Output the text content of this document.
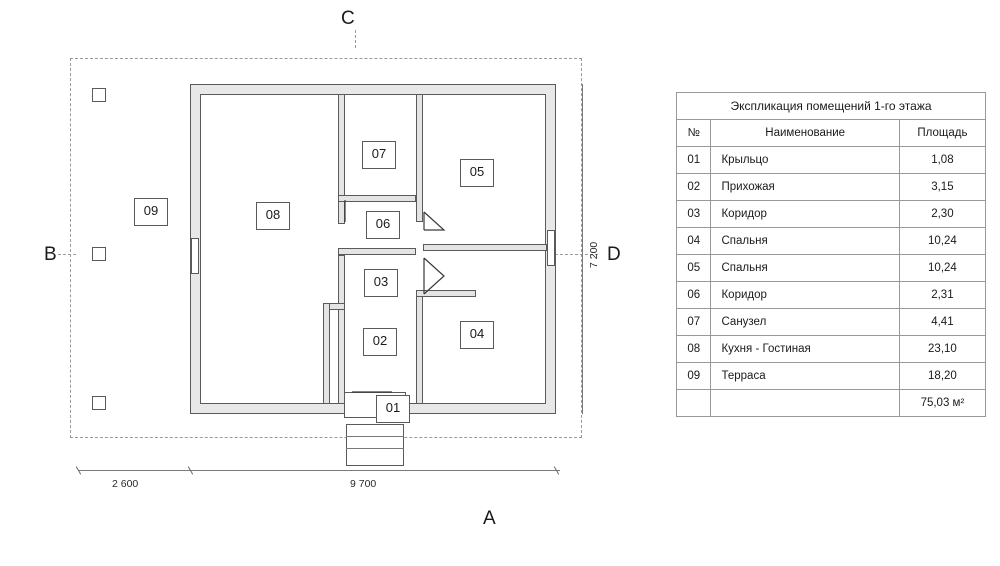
C
A
B	D
09	08
07
06
05
03
04
02
01
2 600	9 700
7 200
Экспликация помещений 1-го этажа		
№	Наименование	Площадь
01	Крыльцо	1,08
02	Прихожая	3,15
03	Коридор	2,30
04	Спальня	10,24
05	Спальня	10,24
06	Коридор	2,31
07	Санузел	4,41
08	Кухня - Гостиная	23,10
09	Терраса	18,20
		75,03 м²
